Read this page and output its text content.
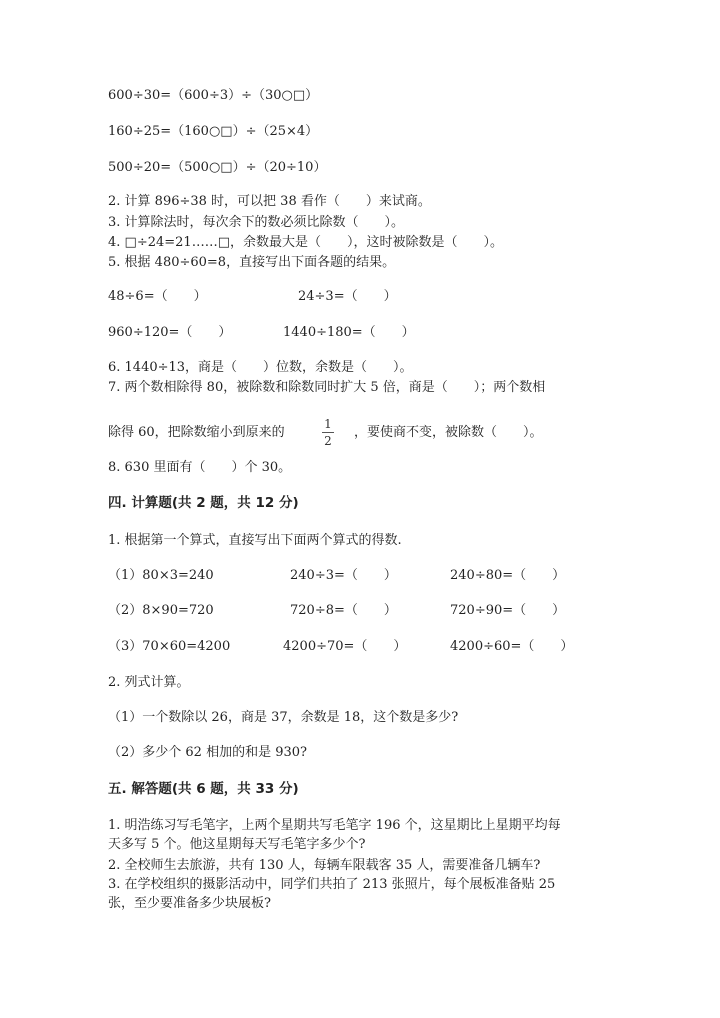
600÷30=（600÷3）÷（30○□）
160÷25=（160○□）÷（25×4）
500÷20=（500○□）÷（20÷10）
2. 计算 896÷38 时，可以把 38 看作（　　）来试商。
3. 计算除法时，每次余下的数必须比除数（　　）。
4. □÷24=21……□，余数最大是（　　），这时被除数是（　　）。
5. 根据 480÷60=8，直接写出下面各题的结果。
48÷6=（　　）	24÷3=（　　）
960÷120=（　　）	1440÷180=（　　）
6. 1440÷13，商是（　　）位数，余数是（　　）。
7. 两个数相除得 80，被除数和除数同时扩大 5 倍，商是（　　）；两个数相
除得 60，把除数缩小到原来的
1
2
，要使商不变，被除数（　　）。
8. 630 里面有（　　）个 30。
四. 计算题(共 2 题，共 12 分)
1. 根据第一个算式，直接写出下面两个算式的得数.
（1）80×3=240	240÷3=（　　）	240÷80=（　　）
（2）8×90=720	720÷8=（　　）	720÷90=（　　）
（3）70×60=4200	4200÷70=（　　）	4200÷60=（　　）
2. 列式计算。
（1）一个数除以 26，商是 37，余数是 18，这个数是多少?
（2）多少个 62 相加的和是 930?
五. 解答题(共 6 题，共 33 分)
1. 明浩练习写毛笔字，上两个星期共写毛笔字 196 个，这星期比上星期平均每
天多写 5 个。他这星期每天写毛笔字多少个?
2. 全校师生去旅游，共有 130 人，每辆车限载客 35 人，需要准备几辆车?
3. 在学校组织的摄影活动中，同学们共拍了 213 张照片，每个展板准备贴 25
张，至少要准备多少块展板?
